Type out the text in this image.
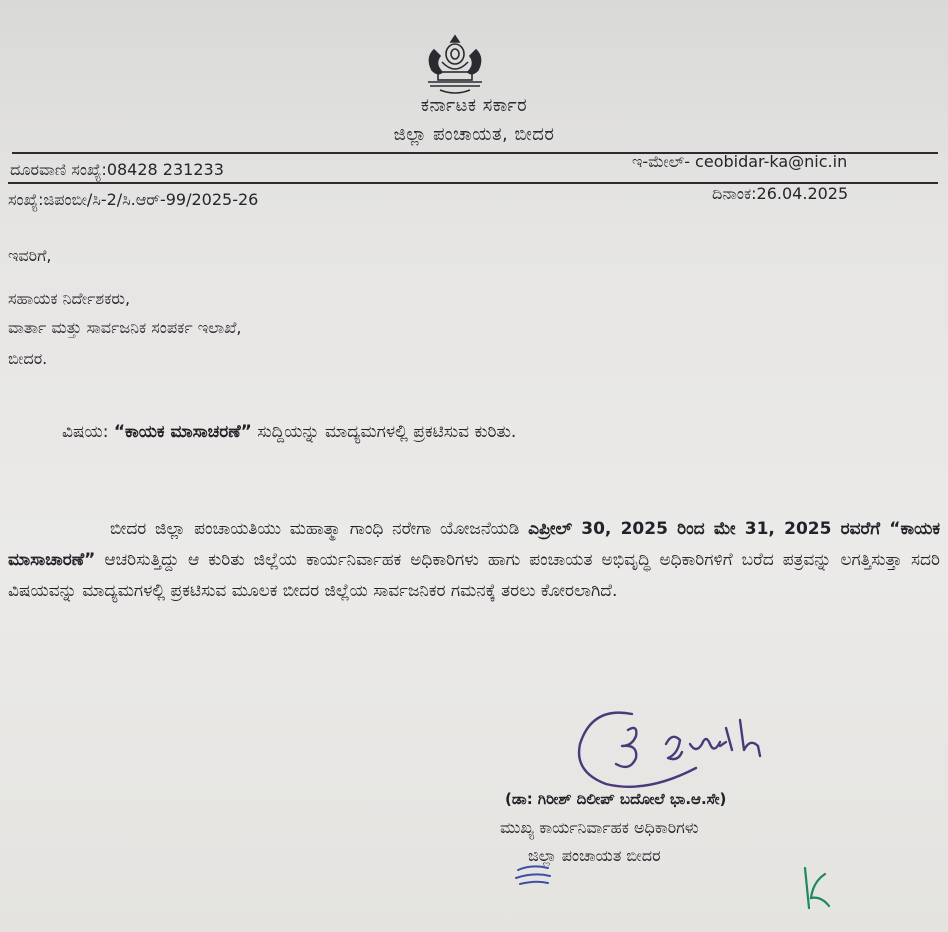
ಕರ್ನಾಟಕ ಸರ್ಕಾರ
ಜಿಲ್ಲಾ ಪಂಚಾಯತ, ಬೀದರ
ದೂರವಾಣಿ ಸಂಖ್ಯೆ:08428 231233	ಇ-ಮೇಲ್- ceobidar-ka@nic.in
ಸಂಖ್ಯೆ:ಜಿಪಂಬೀ/ಸಿ-2/ಸಿ.ಆರ್-99/2025-26	ದಿನಾಂಕ:26.04.2025
ಇವರಿಗೆ,
ಸಹಾಯಕ ನಿರ್ದೇಶಕರು,
ವಾರ್ತಾ ಮತ್ತು ಸಾರ್ವಜನಿಕ ಸಂಪರ್ಕ ಇಲಾಖೆ,
ಬೀದರ.
ವಿಷಯ: “ಕಾಯಕ ಮಾಸಾಚರಣೆ” ಸುದ್ದಿಯನ್ನು ಮಾದ್ಯಮಗಳಲ್ಲಿ ಪ್ರಕಟಿಸುವ ಕುರಿತು.
ಬೀದರ ಜಿಲ್ಲಾ ಪಂಚಾಯತಿಯು ಮಹಾತ್ಮಾ ಗಾಂಧಿ ನರೇಗಾ ಯೋಜನೆಯಡಿ ಎಪ್ರೀಲ್ 30, 2025 ರಿಂದ ಮೇ 31, 2025 ರವರೆಗೆ “ಕಾಯಕ ಮಾಸಾಚಾರಣೆ” ಆಚರಿಸುತ್ತಿದ್ದು ಆ ಕುರಿತು ಜಿಲ್ಲೆಯ ಕಾರ್ಯನಿರ್ವಾಹಕ ಅಧಿಕಾರಿಗಳು ಹಾಗು ಪಂಚಾಯತ ಅಭಿವೃದ್ಧಿ ಅಧಿಕಾರಿಗಳಿಗೆ ಬರೆದ ಪತ್ರವನ್ನು ಲಗತ್ತಿಸುತ್ತಾ ಸದರಿ ವಿಷಯವನ್ನು ಮಾದ್ಯಮಗಳಲ್ಲಿ ಪ್ರಕಟಿಸುವ ಮೂಲಕ ಬೀದರ ಜಿಲ್ಲೆಯ ಸಾರ್ವಜನಿಕರ ಗಮನಕ್ಕೆ ತರಲು ಕೋರಲಾಗಿದೆ.
(ಡಾ: ಗಿರೀಶ್ ದಿಲೀಪ್ ಬದೋಲೆ ಭಾ.ಆ.ಸೇ)
ಮುಖ್ಯ ಕಾರ್ಯನಿರ್ವಾಹಕ ಅಧಿಕಾರಿಗಳು
ಜಿಲ್ಲಾ ಪಂಚಾಯತ ಬೀದರ
